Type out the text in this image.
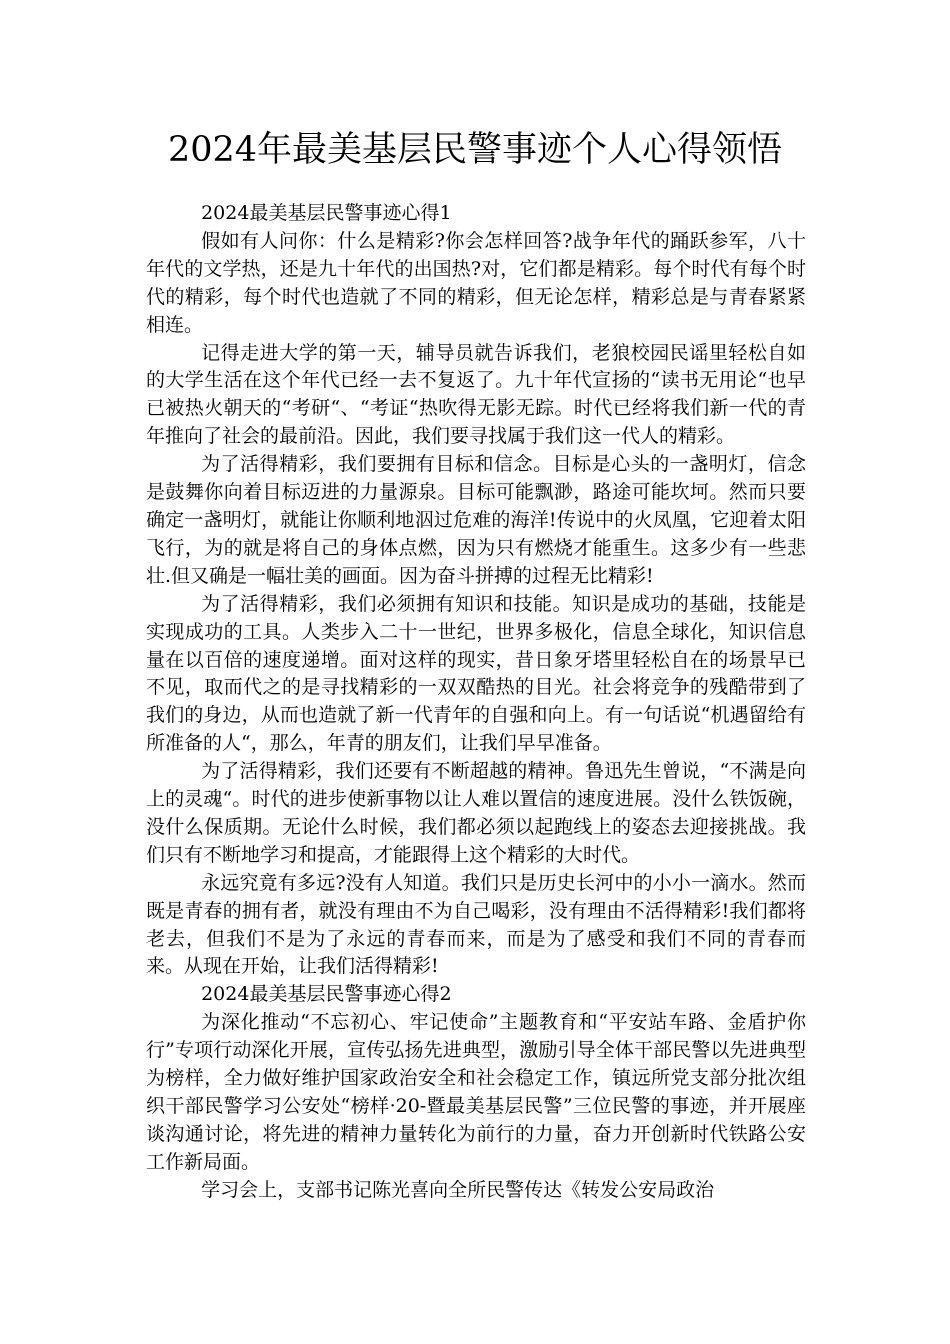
2024年最美基层民警事迹个人心得领悟

2024最美基层民警事迹心得1

假如有人问你：什么是精彩?你会怎样回答?战争年代的踊跃参军，八十年代的文学热，还是九十年代的出国热?对，它们都是精彩。每个时代有每个时代的精彩，每个时代也造就了不同的精彩，但无论怎样，精彩总是与青春紧紧相连。

记得走进大学的第一天，辅导员就告诉我们，老狼校园民谣里轻松自如的大学生活在这个年代已经一去不复返了。九十年代宣扬的“读书无用论“也早已被热火朝天的“考研“、“考证“热吹得无影无踪。时代已经将我们新一代的青年推向了社会的最前沿。因此，我们要寻找属于我们这一代人的精彩。

为了活得精彩，我们要拥有目标和信念。目标是心头的一盏明灯，信念是鼓舞你向着目标迈进的力量源泉。目标可能飘渺，路途可能坎坷。然而只要确定一盏明灯，就能让你顺利地泅过危难的海洋!传说中的火凤凰，它迎着太阳飞行，为的就是将自己的身体点燃，因为只有燃烧才能重生。这多少有一些悲壮.但又确是一幅壮美的画面。因为奋斗拼搏的过程无比精彩!

为了活得精彩，我们必须拥有知识和技能。知识是成功的基础，技能是实现成功的工具。人类步入二十一世纪，世界多极化，信息全球化，知识信息量在以百倍的速度递增。面对这样的现实，昔日象牙塔里轻松自在的场景早已不见，取而代之的是寻找精彩的一双双酷热的目光。社会将竞争的残酷带到了我们的身边，从而也造就了新一代青年的自强和向上。有一句话说“机遇留给有所准备的人“，那么，年青的朋友们，让我们早早准备。

为了活得精彩，我们还要有不断超越的精神。鲁迅先生曾说，“不满是向上的灵魂“。时代的进步使新事物以让人难以置信的速度进展。没什么铁饭碗，没什么保质期。无论什么时候，我们都必须以起跑线上的姿态去迎接挑战。我们只有不断地学习和提高，才能跟得上这个精彩的大时代。

永远究竟有多远?没有人知道。我们只是历史长河中的小小一滴水。然而既是青春的拥有者，就没有理由不为自己喝彩，没有理由不活得精彩!我们都将老去，但我们不是为了永远的青春而来，而是为了感受和我们不同的青春而来。从现在开始，让我们活得精彩!

2024最美基层民警事迹心得2

为深化推动“不忘初心、牢记使命”主题教育和“平安站车路、金盾护你行”专项行动深化开展，宣传弘扬先进典型，激励引导全体干部民警以先进典型为榜样，全力做好维护国家政治安全和社会稳定工作，镇远所党支部分批次组织干部民警学习公安处“榜样·20-暨最美基层民警”三位民警的事迹，并开展座谈沟通讨论，将先进的精神力量转化为前行的力量，奋力开创新时代铁路公安工作新局面。

学习会上，支部书记陈光喜向全所民警传达《转发公安局政治
